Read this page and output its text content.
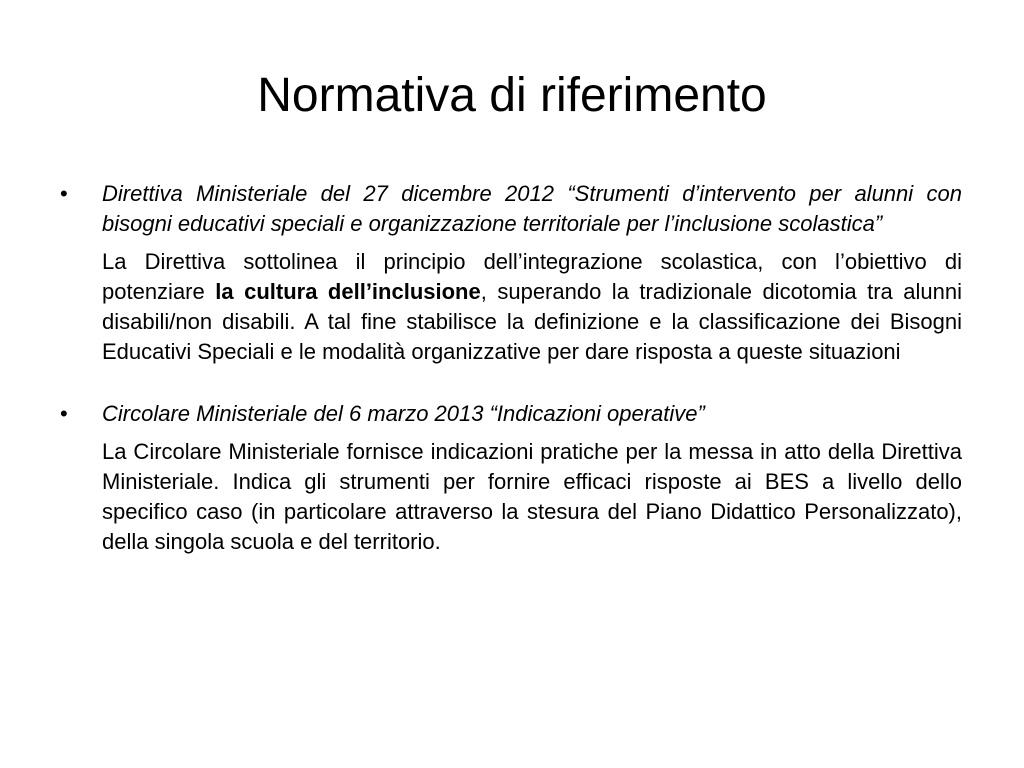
Normativa di riferimento
•	Direttiva Ministeriale del 27 dicembre 2012 “Strumenti d’intervento per alunni con bisogni educativi speciali e organizzazione territoriale per l’inclusione scolastica”
La Direttiva sottolinea il principio dell’integrazione scolastica, con l’obiettivo di potenziare la cultura dell’inclusione, superando la tradizionale dicotomia tra alunni disabili/non disabili. A tal fine stabilisce la definizione e la classificazione dei Bisogni Educativi Speciali e le modalità organizzative per dare risposta a queste situazioni
•	Circolare Ministeriale del 6 marzo 2013 “Indicazioni operative”
La Circolare Ministeriale fornisce indicazioni pratiche per la messa in atto della Direttiva Ministeriale. Indica gli strumenti per fornire efficaci risposte ai BES a livello dello specifico caso (in particolare attraverso la stesura del Piano Didattico Personalizzato), della singola scuola e del territorio.
